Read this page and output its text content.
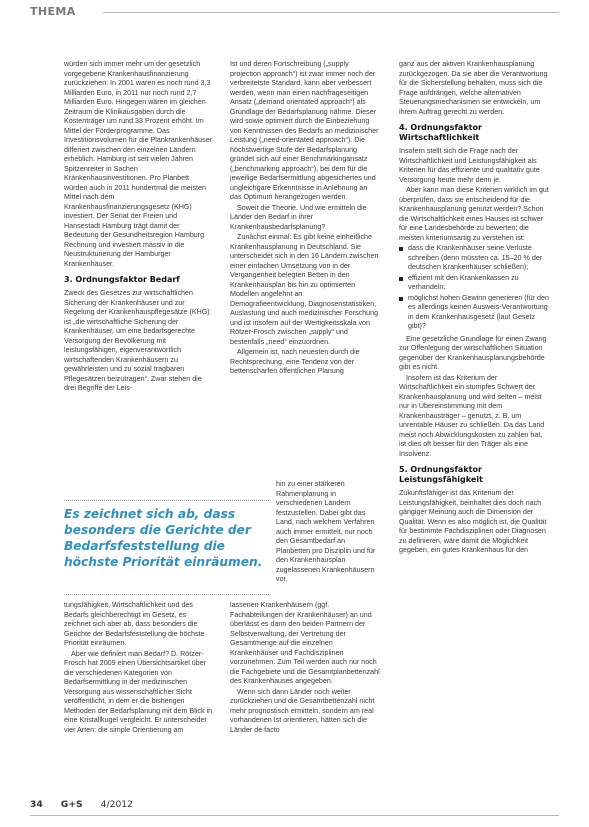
THEMA

würden sich immer mehr um der gesetzlich vorgegebene Krankenhausfinanzierung zurückziehen: In 2001 waren es noch rund 3,3 Milliarden Euro, in 2011 nur noch rund 2,7 Milliarden Euro. Hingegen wären im gleichen Zeitraum die Klinikausgaben durch die Kostenträger um rund 33 Prozent erhöht. Im Mittel der Förderprogramme. Das Investitionsvolumen für die Plankrankenhäuser differiert zwischen den einzelnen Ländern erheblich. Hamburg ist seit vielen Jahren Spitzenreiter in Sachen Krankenhausinvestitionen. Pro Planbett würden auch in 2011 hundertmal die meisten Mittel nach dem Krankenhausfinanzierungsgesetz (KHG) investiert. Der Senat der Freien und Hansestadt Hamburg trägt damit der Bedeutung der Gesundheitsregion Hamburg Rechnung und investiert massiv in die Neustrukturierung der Hamburger Krankenhäuser.

3. Ordnungsfaktor Bedarf

Zweck des Gesetzes zur wirtschaftlichen Sicherung der Krankenhäuser und zur Regelung der Krankenhauspflegesätze (KHG) ist „die wirtschaftliche Sicherung der Krankenhäuser, um eine bedarfsgerechte Versorgung der Bevölkerung mit leistungsfähigen, eigenverantwortlich wirtschaftenden Krankenhäusern zu gewährleisten und zu sozial tragbaren Pflegesätzen beizutragen“. Zwar stehen die drei Begriffe der Leis-

Es zeichnet sich ab, dass besonders die Gerichte der Bedarfsfeststellung die höchste Priorität einräumen.

tungsfähigkeit, Wirtschaftlichkeit und des Bedarfs gleichberechtigt im Gesetz, es zeichnet sich aber ab, dass besonders die Gerichte der Bedarfsfeststellung die höchste Priorität einräumen.

Aber wie definiert man Bedarf? D. Rötzer-Frosch hat 2009 einen Übersichtsartikel über die verschiedenen Kategorien von Bedarfsermittlung in der medizinischen Versorgung aus wissenschaftlicher Sicht veröffentlicht, in dem er die bisherigen Methoden der Bedarfsplanung mit dem Blick in eine Kristallkugel vergleicht. Er unterscheidet vier Arten: die simple Orientierung am

Ist und deren Fortschreibung („supply projection approach“) ist zwar immer noch der verbreitetste Standard, kann aber verbessert werden, wenn man einen nachfrageseitigen Ansatz („demand orientated approach“) als Grundlage der Bedarfsplanung nähme. Dieser wird sowie optimiert durch die Einbeziehung von Kenntnissen des Bedarfs an medizinischer Leistung („need-orientated approach“). Die höchstwertige Stufe der Bedarfsplanung gründet sich auf einer Benchmarkingansatz („benchmarking approach“), bei dem für die jeweilige Bedarfsermittlung abgesichertes und ungleichgare Erkenntnisse in Anlehnung an das Optimum herangezogen werden.

Soweit die Theorie. Und wie ermitteln die Länder den Bedarf in ihrer Krankenhausbedarfsplanung?

Zunächst einmal: Es gibt keine einheitliche Krankenhausplanung in Deutschland. Sie unterscheidet sich in den 16 Ländern zwischen einer einfachen Umsetzung von in der Vergangenheit belegten Betten in den Krankenhausplan bis hin zu optimierten Modellen angelehnt an Demografieentwicklung, Diagnosenstatistiken, Auslastung und auch medizinischer Forschung und ist insofern auf der Wertigkeitsskala von Rötzer-Frosch zwischen „supply“ und bestenfalls „need“ einzuordnen.

Allgemein ist, nach neuesten durch die Rechtsprechung, eine Tendenz von der bettenscharfen öffentlichen Planung

hin zu einer stärkeren Rahmenplanung in verschiedenen Ländern festzustellen. Dabei gibt das Land, nach welchem Verfahren auch immer ermittelt, nur noch den Gesamtbedarf an Planbetten pro Disziplin und für den Krankenhausplan zugelassenen Krankenhäusern vor.

lassenen Krankenhäusern (ggf. Fachabteilungen der Krankenhäuser) an und überlässt es dann den beiden Partnern der Selbstverwaltung, der Vertretung der Gesamtmenge auf die einzelnen Krankenhäuser und Fachdisziplinen vorzunehmen. Zum Teil werden auch nur noch die Fachgebiete und die Gesamtplanbettenzahl des Krankenhauses angegeben.

Wenn sich dann Länder noch weiter zurückziehen und die Gesamtbettenzahl nicht mehr prognostisch ermitteln, sondern am real vorhandenen Ist orientieren, hätten sich die Länder de facto

ganz aus der aktiven Krankenhausplanung zurückgezogen. Da sie aber die Verantwortung für die Sicherstellung behalten, muss sich die Frage aufdrängen, welche alternativen Steuerungsmechanismen sie entwickeln, um ihrem Auftrag gerecht zu werden.

4. Ordnungsfaktor Wirtschaftlichkeit

Insofern stellt sich die Frage nach der Wirtschaftlichkeit und Leistungsfähigkeit als Kriterien für das effiziente und qualitativ gute Versorgung heute mehr denn je.

Aber kann man diese Kriterien wirklich im gut überprüfen, dass sie entscheidend für die Krankenhausplanung genutzt werden? Schon die Wirtschaftlichkeit eines Hauses ist schwer für eine Landesbehörde zu bewerten; die meisten kriteriumsartig zu verstehen ist:

dass die Krankenhäuser seine Verluste schreiben (denn müssten ca. 15–20 % der deutschen Krankenhäuser schließen);
effizient mit den Krankenkassen zu verhandeln;
möglichst hohen Gewinn generieren (für den es allerdings keinen Ausweis-Verantwortung in dem Krankenhausgesetz (laut Gesetz gibt)?

Eine gesetzliche Grundlage für einen Zwang zur Offenlegung der wirtschaftlichen Situation gegenüber der Krankenhausplanungsbehörde gibt es nicht.

Insofern ist das Kriterium der Wirtschaftlichkeit ein stumpfes Schwert der Krankenhausplanung und wird selten – meist nur in Übereinstimmung mit dem Krankenhausträger – genutzt, z. B. um unrentable Häuser zu schließen. Da das Land meist noch Abwicklungskosten zu zahlen hat, ist dies oft besser für den Träger als eine Insolvenz.

5. Ordnungsfaktor Leistungsfähigkeit

Zukunftsfähiger ist das Kriterium der Leistungsfähigkeit, beinhaltet dies doch nach gängiger Meinung auch die Dimension der Qualität. Wenn es also möglich ist, die Qualität für bestimmte Fachdisziplinen oder Diagnosen zu definieren, wäre damit die Möglichkeit gegeben, ein gutes Krankenhaus für den

34 G+S 4/2012
